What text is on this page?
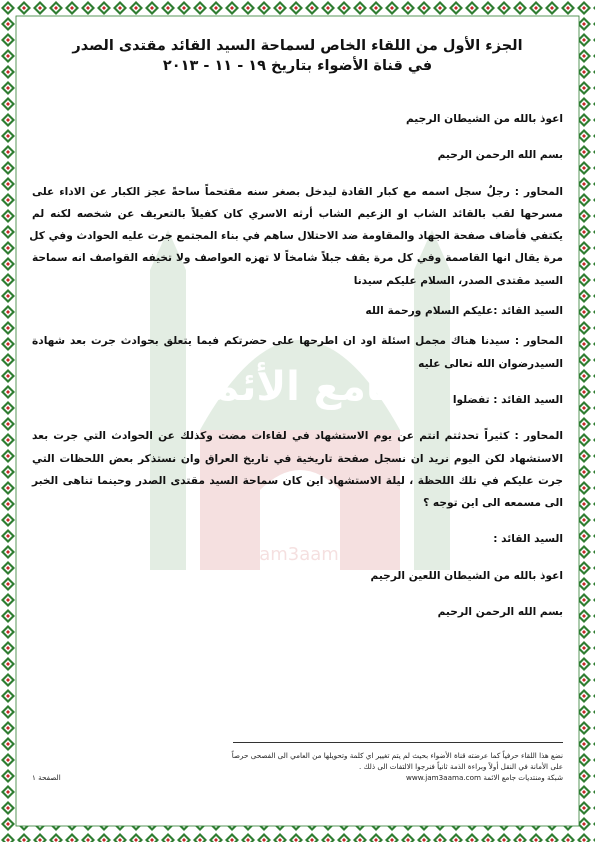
جامع الأئمة
www.jam3aama.com

الجزء الأول من اللقاء الخاص لسماحة السيد القائد مقتدى الصدر

في قناة الأضواء بتاريخ ١٩ - ١١ - ٢٠١٣

اعوذ بالله من الشيطان الرجيم
بسم الله الرحمن الرحيم
المحاور : رجلٌ سجل اسمه مع كبار القادة ليدخل بصغر سنه مقتحماً ساحةً عجز الكبار عن الاداء على
مسرحها لقب بالقائد الشاب او الزعيم الشاب أرثه الاسري كان كفيلاً بالتعريف عن شخصه لكنه لم
يكتفي فأضاف صفحة الجهاد والمقاومة ضد الاحتلال ساهم في بناء المجتمع جرت عليه الحوادث وفي كل
مرة يقال انها القاصمة وفي كل مرة يقف جبلاً شامخاً لا تهزه العواصف ولا تخيفه القواصف انه سماحة
السيد مقتدى الصدر، السلام عليكم سيدنا
السيد القائد :عليكم السلام ورحمة الله
المحاور : سيدنا هناك مجمل اسئلة اود ان اطرحها على حضرتكم فيما يتعلق بحوادث جرت بعد شهادة
السيدرضوان الله تعالى عليه
السيد القائد : تفضلوا
المحاور : كثيراً تحدثتم انتم عن يوم الاستشهاد في لقاءات مضت وكذلك عن الحوادث التي جرت بعد
الاستشهاد لكن اليوم نريد ان نسجل صفحة تاريخية في تاريخ العراق وان نستذكر بعض اللحظات التي
جرت عليكم في تلك اللحظة ، ليلة الاستشهاد اين كان سماحة السيد مقتدى الصدر وحينما تناهى الخبر
الى مسمعه الى اين توجه ؟
السيد القائد :
اعوذ بالله من الشيطان اللعين الرجيم
بسم الله الرحمن الرحيم
نضع هذا اللقاء حرفياً كما عرضته قناة الأضواء بحيث لم يتم تغيير اي كلمة وتحويلها من العامي الى الفصحى حرصاً
على الأمانة في النقل أولاً وبراءة الذمة ثانياً فنرجوا الالتفات الى ذلك .
شبكة ومنتديات جامع الائمة www.jam3aama.com
الصفحة ١
